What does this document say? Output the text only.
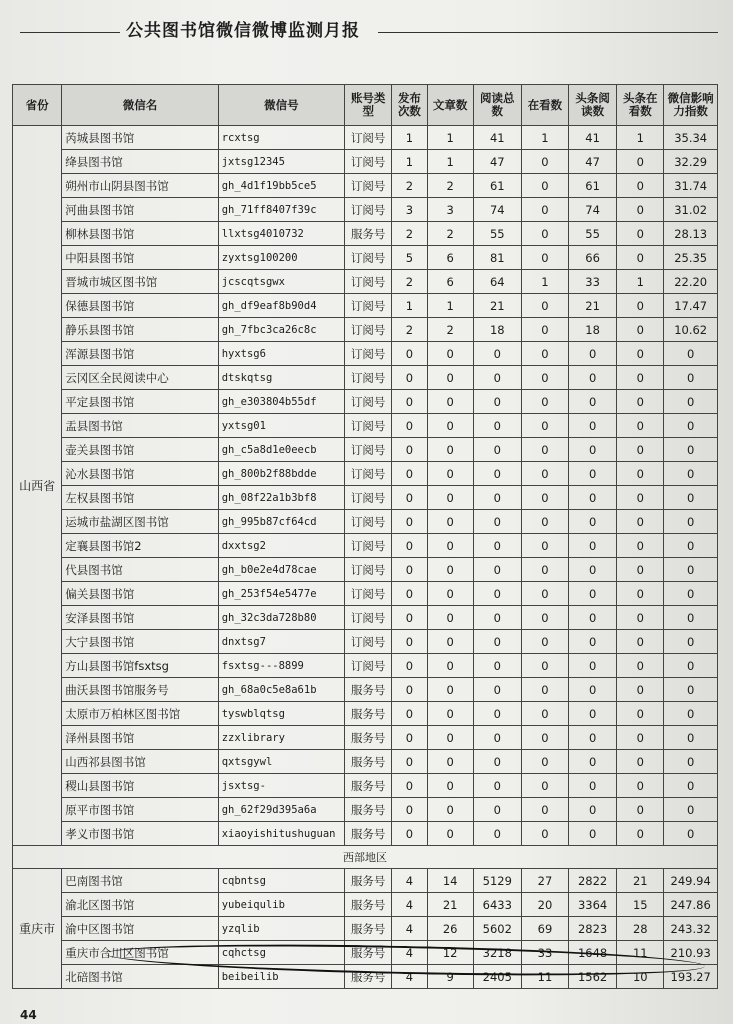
公共图书馆微信微博监测月报
省份	微信名	微信号	账号类型	发布次数	文章数	阅读总数	在看数	头条阅读数	头条在看数	微信影响力指数
山西省	芮城县图书馆	rcxtsg	订阅号	1	1	41	1	41	1	35.34
	绛县图书馆	jxtsg12345	订阅号	1	1	47	0	47	0	32.29
	朔州市山阴县图书馆	gh_4d1f19bb5ce5	订阅号	2	2	61	0	61	0	31.74
	河曲县图书馆	gh_71ff8407f39c	订阅号	3	3	74	0	74	0	31.02
	柳林县图书馆	llxtsg4010732	服务号	2	2	55	0	55	0	28.13
	中阳县图书馆	zyxtsg100200	订阅号	5	6	81	0	66	0	25.35
	晋城市城区图书馆	jcscqtsgwx	订阅号	2	6	64	1	33	1	22.20
	保德县图书馆	gh_df9eaf8b90d4	订阅号	1	1	21	0	21	0	17.47
	静乐县图书馆	gh_7fbc3ca26c8c	订阅号	2	2	18	0	18	0	10.62
	浑源县图书馆	hyxtsg6	订阅号	0	0	0	0	0	0	0
	云冈区全民阅读中心	dtskqtsg	订阅号	0	0	0	0	0	0	0
	平定县图书馆	gh_e303804b55df	订阅号	0	0	0	0	0	0	0
	盂县图书馆	yxtsg01	订阅号	0	0	0	0	0	0	0
	壶关县图书馆	gh_c5a8d1e0eecb	订阅号	0	0	0	0	0	0	0
	沁水县图书馆	gh_800b2f88bdde	订阅号	0	0	0	0	0	0	0
	左权县图书馆	gh_08f22a1b3bf8	订阅号	0	0	0	0	0	0	0
	运城市盐湖区图书馆	gh_995b87cf64cd	订阅号	0	0	0	0	0	0	0
	定襄县图书馆2	dxxtsg2	订阅号	0	0	0	0	0	0	0
	代县图书馆	gh_b0e2e4d78cae	订阅号	0	0	0	0	0	0	0
	偏关县图书馆	gh_253f54e5477e	订阅号	0	0	0	0	0	0	0
	安泽县图书馆	gh_32c3da728b80	订阅号	0	0	0	0	0	0	0
	大宁县图书馆	dnxtsg7	订阅号	0	0	0	0	0	0	0
	方山县图书馆fsxtsg	fsxtsg---8899	订阅号	0	0	0	0	0	0	0
	曲沃县图书馆服务号	gh_68a0c5e8a61b	服务号	0	0	0	0	0	0	0
	太原市万柏林区图书馆	tyswblqtsg	服务号	0	0	0	0	0	0	0
	泽州县图书馆	zzxlibrary	服务号	0	0	0	0	0	0	0
	山西祁县图书馆	qxtsgywl	服务号	0	0	0	0	0	0	0
	稷山县图书馆	jsxtsg-	服务号	0	0	0	0	0	0	0
	原平市图书馆	gh_62f29d395a6a	服务号	0	0	0	0	0	0	0
	孝义市图书馆	xiaoyishitushuguan	服务号	0	0	0	0	0	0	0
西部地区										
重庆市	巴南图书馆	cqbntsg	服务号	4	14	5129	27	2822	21	249.94
	渝北区图书馆	yubeiqulib	服务号	4	21	6433	20	3364	15	247.86
	渝中区图书馆	yzqlib	服务号	4	26	5602	69	2823	28	243.32
	重庆市合川区图书馆	cqhctsg	服务号	4	12	3218	33	1648	11	210.93
	北碚图书馆	beibeilib	服务号	4	9	2405	11	1562	10	193.27
44
